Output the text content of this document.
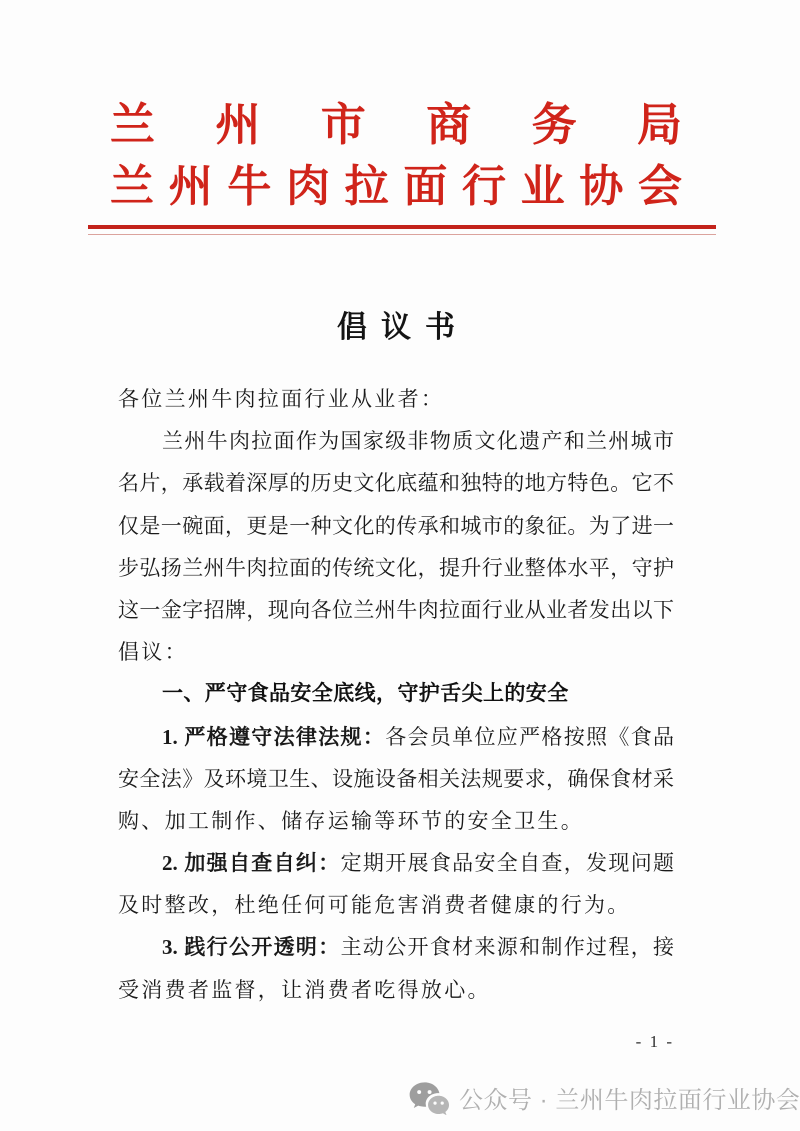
兰州市商务局
兰州牛肉拉面行业协会
倡议书
各位兰州牛肉拉面行业从业者：
兰州牛肉拉面作为国家级非物质文化遗产和兰州城市
名片，承载着深厚的历史文化底蕴和独特的地方特色。它不
仅是一碗面，更是一种文化的传承和城市的象征。为了进一
步弘扬兰州牛肉拉面的传统文化，提升行业整体水平，守护
这一金字招牌，现向各位兰州牛肉拉面行业从业者发出以下
倡议：
一、严守食品安全底线，守护舌尖上的安全
1. 严格遵守法律法规：各会员单位应严格按照《食品
安全法》及环境卫生、设施设备相关法规要求，确保食材采
购、加工制作、储存运输等环节的安全卫生。
2. 加强自查自纠：定期开展食品安全自查，发现问题
及时整改，杜绝任何可能危害消费者健康的行为。
3. 践行公开透明：主动公开食材来源和制作过程，接
受消费者监督，让消费者吃得放心。
- 1 -
公众号 · 兰州牛肉拉面行业协会
